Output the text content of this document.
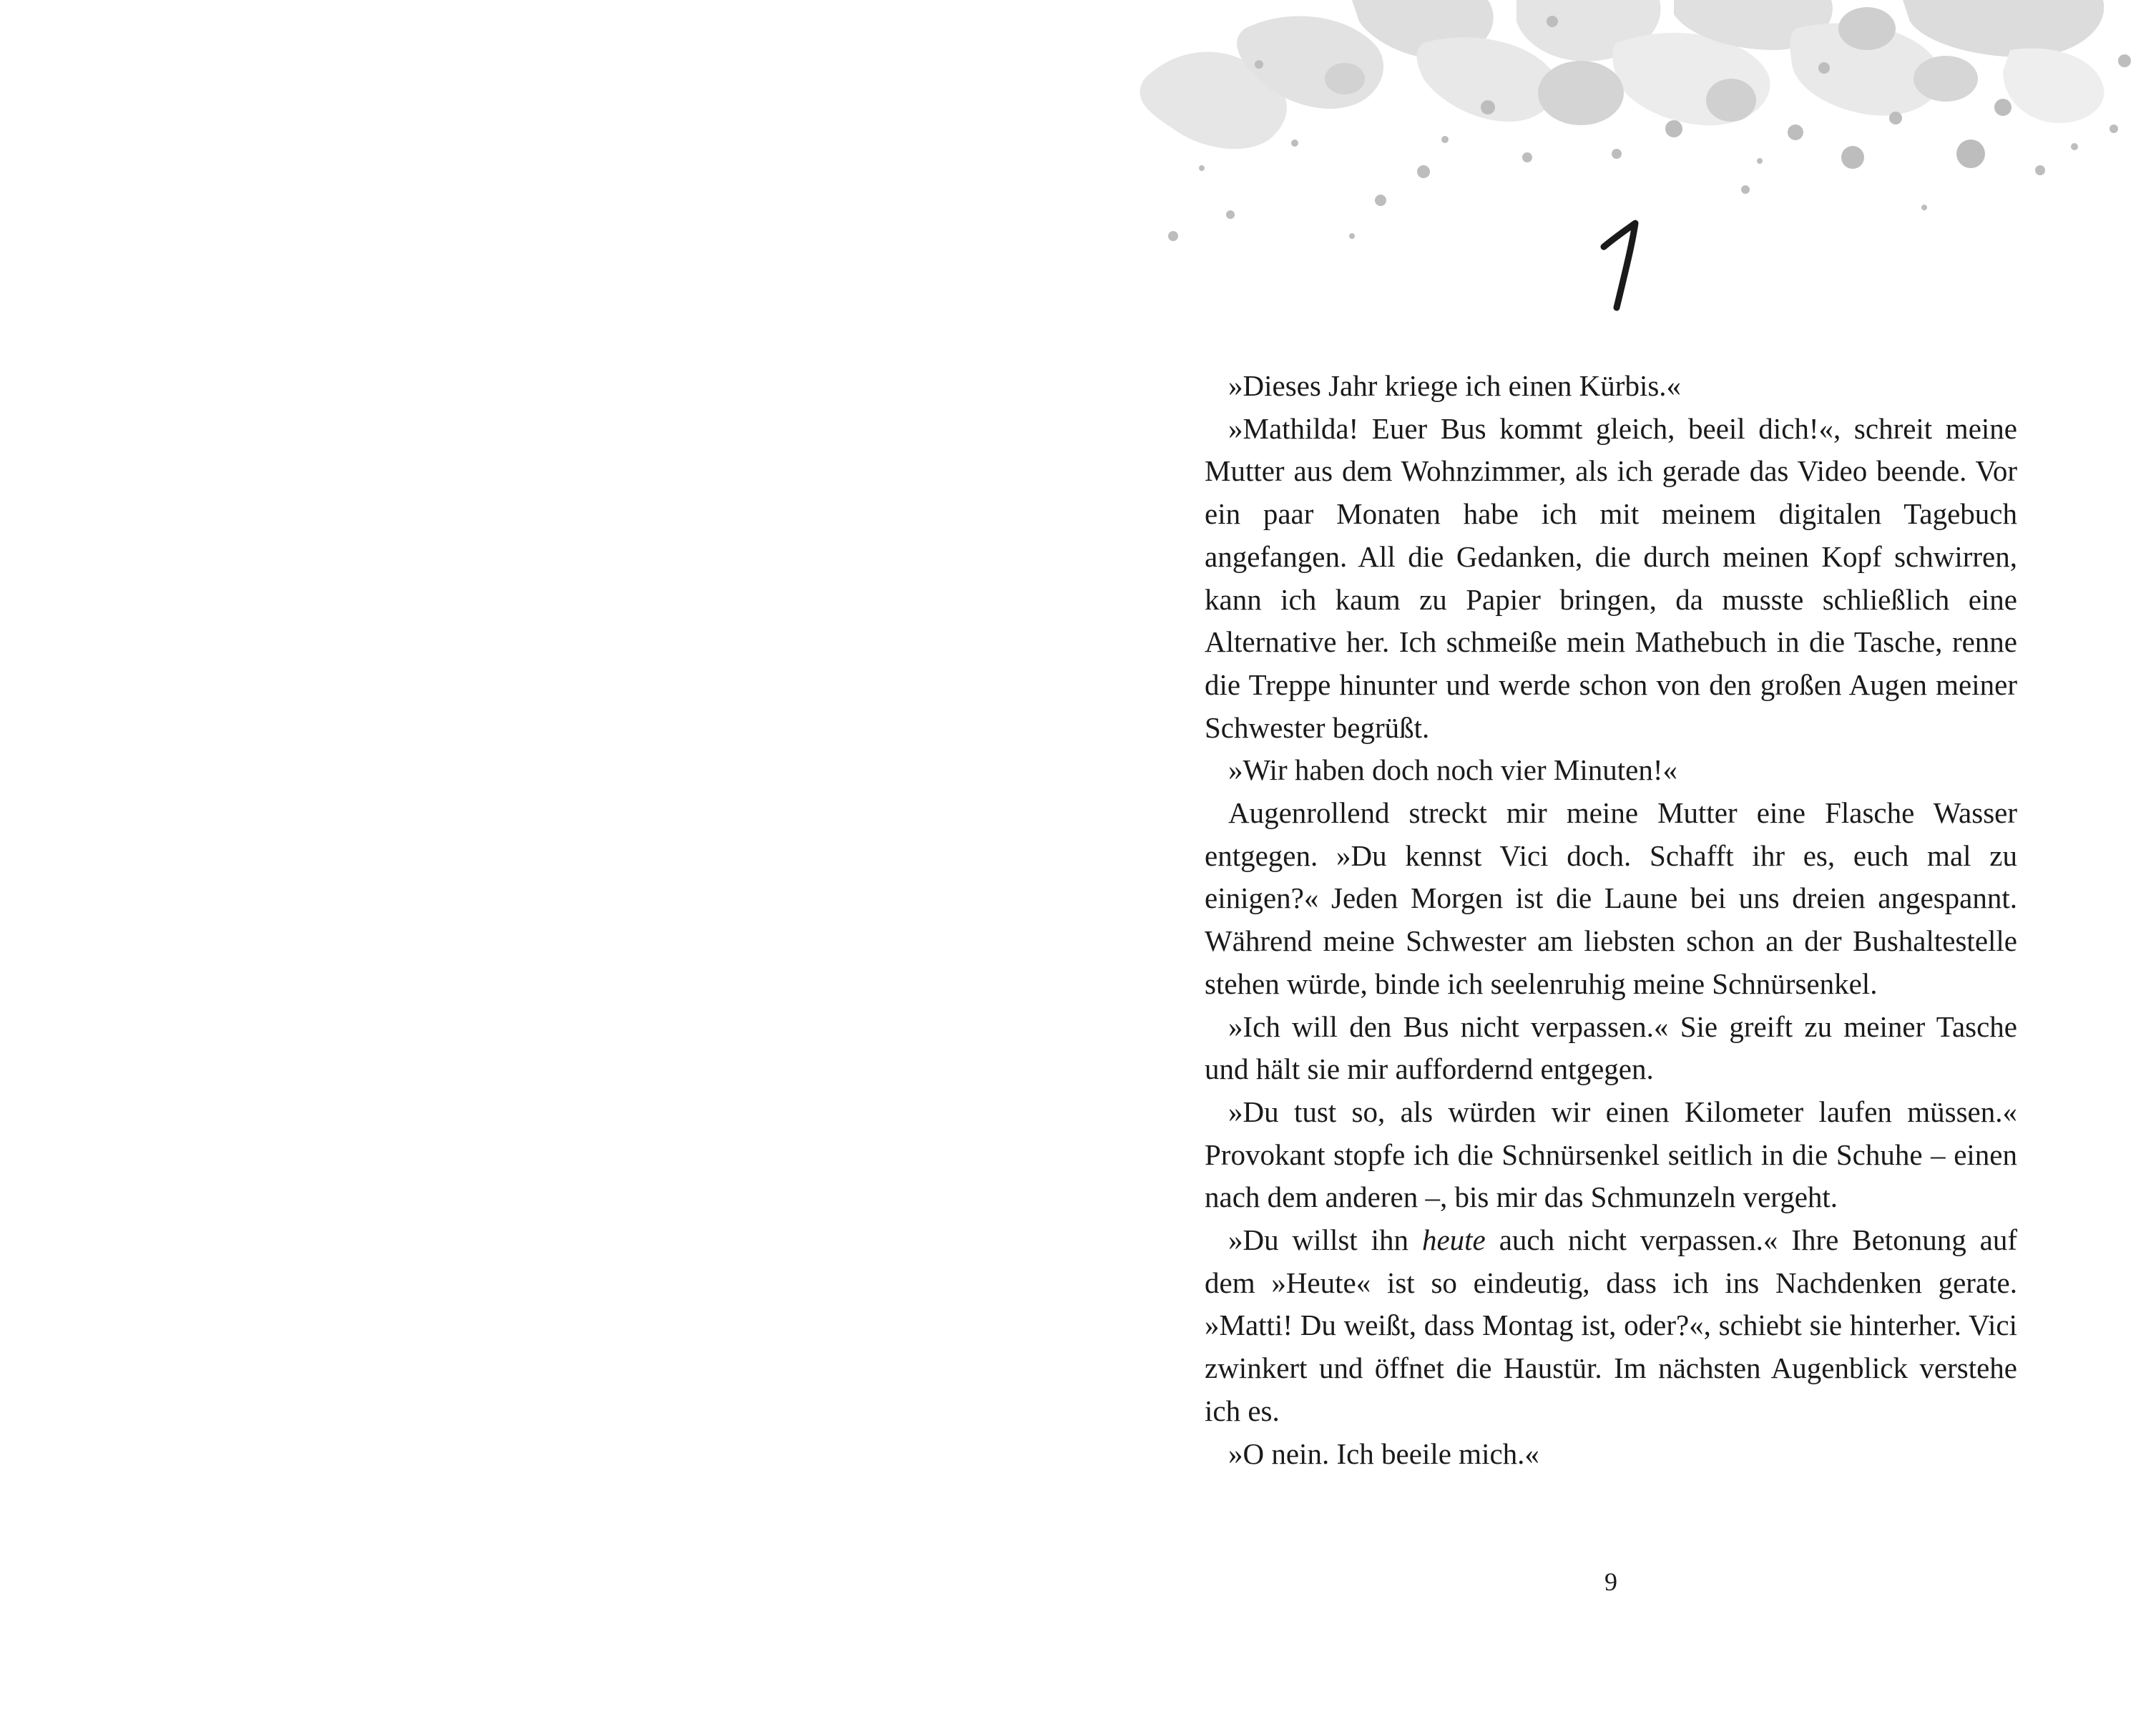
»Dieses Jahr kriege ich einen Kürbis.«

»Mathilda! Euer Bus kommt gleich, beeil dich!«, schreit meine Mutter aus dem Wohnzimmer, als ich gerade das Video beende. Vor ein paar Monaten habe ich mit meinem digitalen Tagebuch angefangen. All die Gedanken, die durch meinen Kopf schwirren, kann ich kaum zu Papier bringen, da musste schließlich eine Alternative her. Ich schmeiße mein Mathebuch in die Tasche, renne die Treppe hinunter und werde schon von den großen Augen meiner Schwester begrüßt.

»Wir haben doch noch vier Minuten!«

Augenrollend streckt mir meine Mutter eine Flasche Wasser entgegen. »Du kennst Vici doch. Schafft ihr es, euch mal zu einigen?« Jeden Morgen ist die Laune bei uns dreien angespannt. Während meine Schwester am liebsten schon an der Bushaltestelle stehen würde, binde ich seelenruhig meine Schnürsenkel.

»Ich will den Bus nicht verpassen.« Sie greift zu meiner Tasche und hält sie mir auffordernd entgegen.

»Du tust so, als würden wir einen Kilometer laufen müssen.« Provokant stopfe ich die Schnürsenkel seitlich in die Schuhe – einen nach dem anderen –, bis mir das Schmunzeln vergeht.

»Du willst ihn heute auch nicht verpassen.« Ihre Betonung auf dem »Heute« ist so eindeutig, dass ich ins Nachdenken gerate. »Matti! Du weißt, dass Montag ist, oder?«, schiebt sie hinterher. Vici zwinkert und öffnet die Haustür. Im nächsten Augenblick verstehe ich es.

»O nein. Ich beeile mich.«

9
